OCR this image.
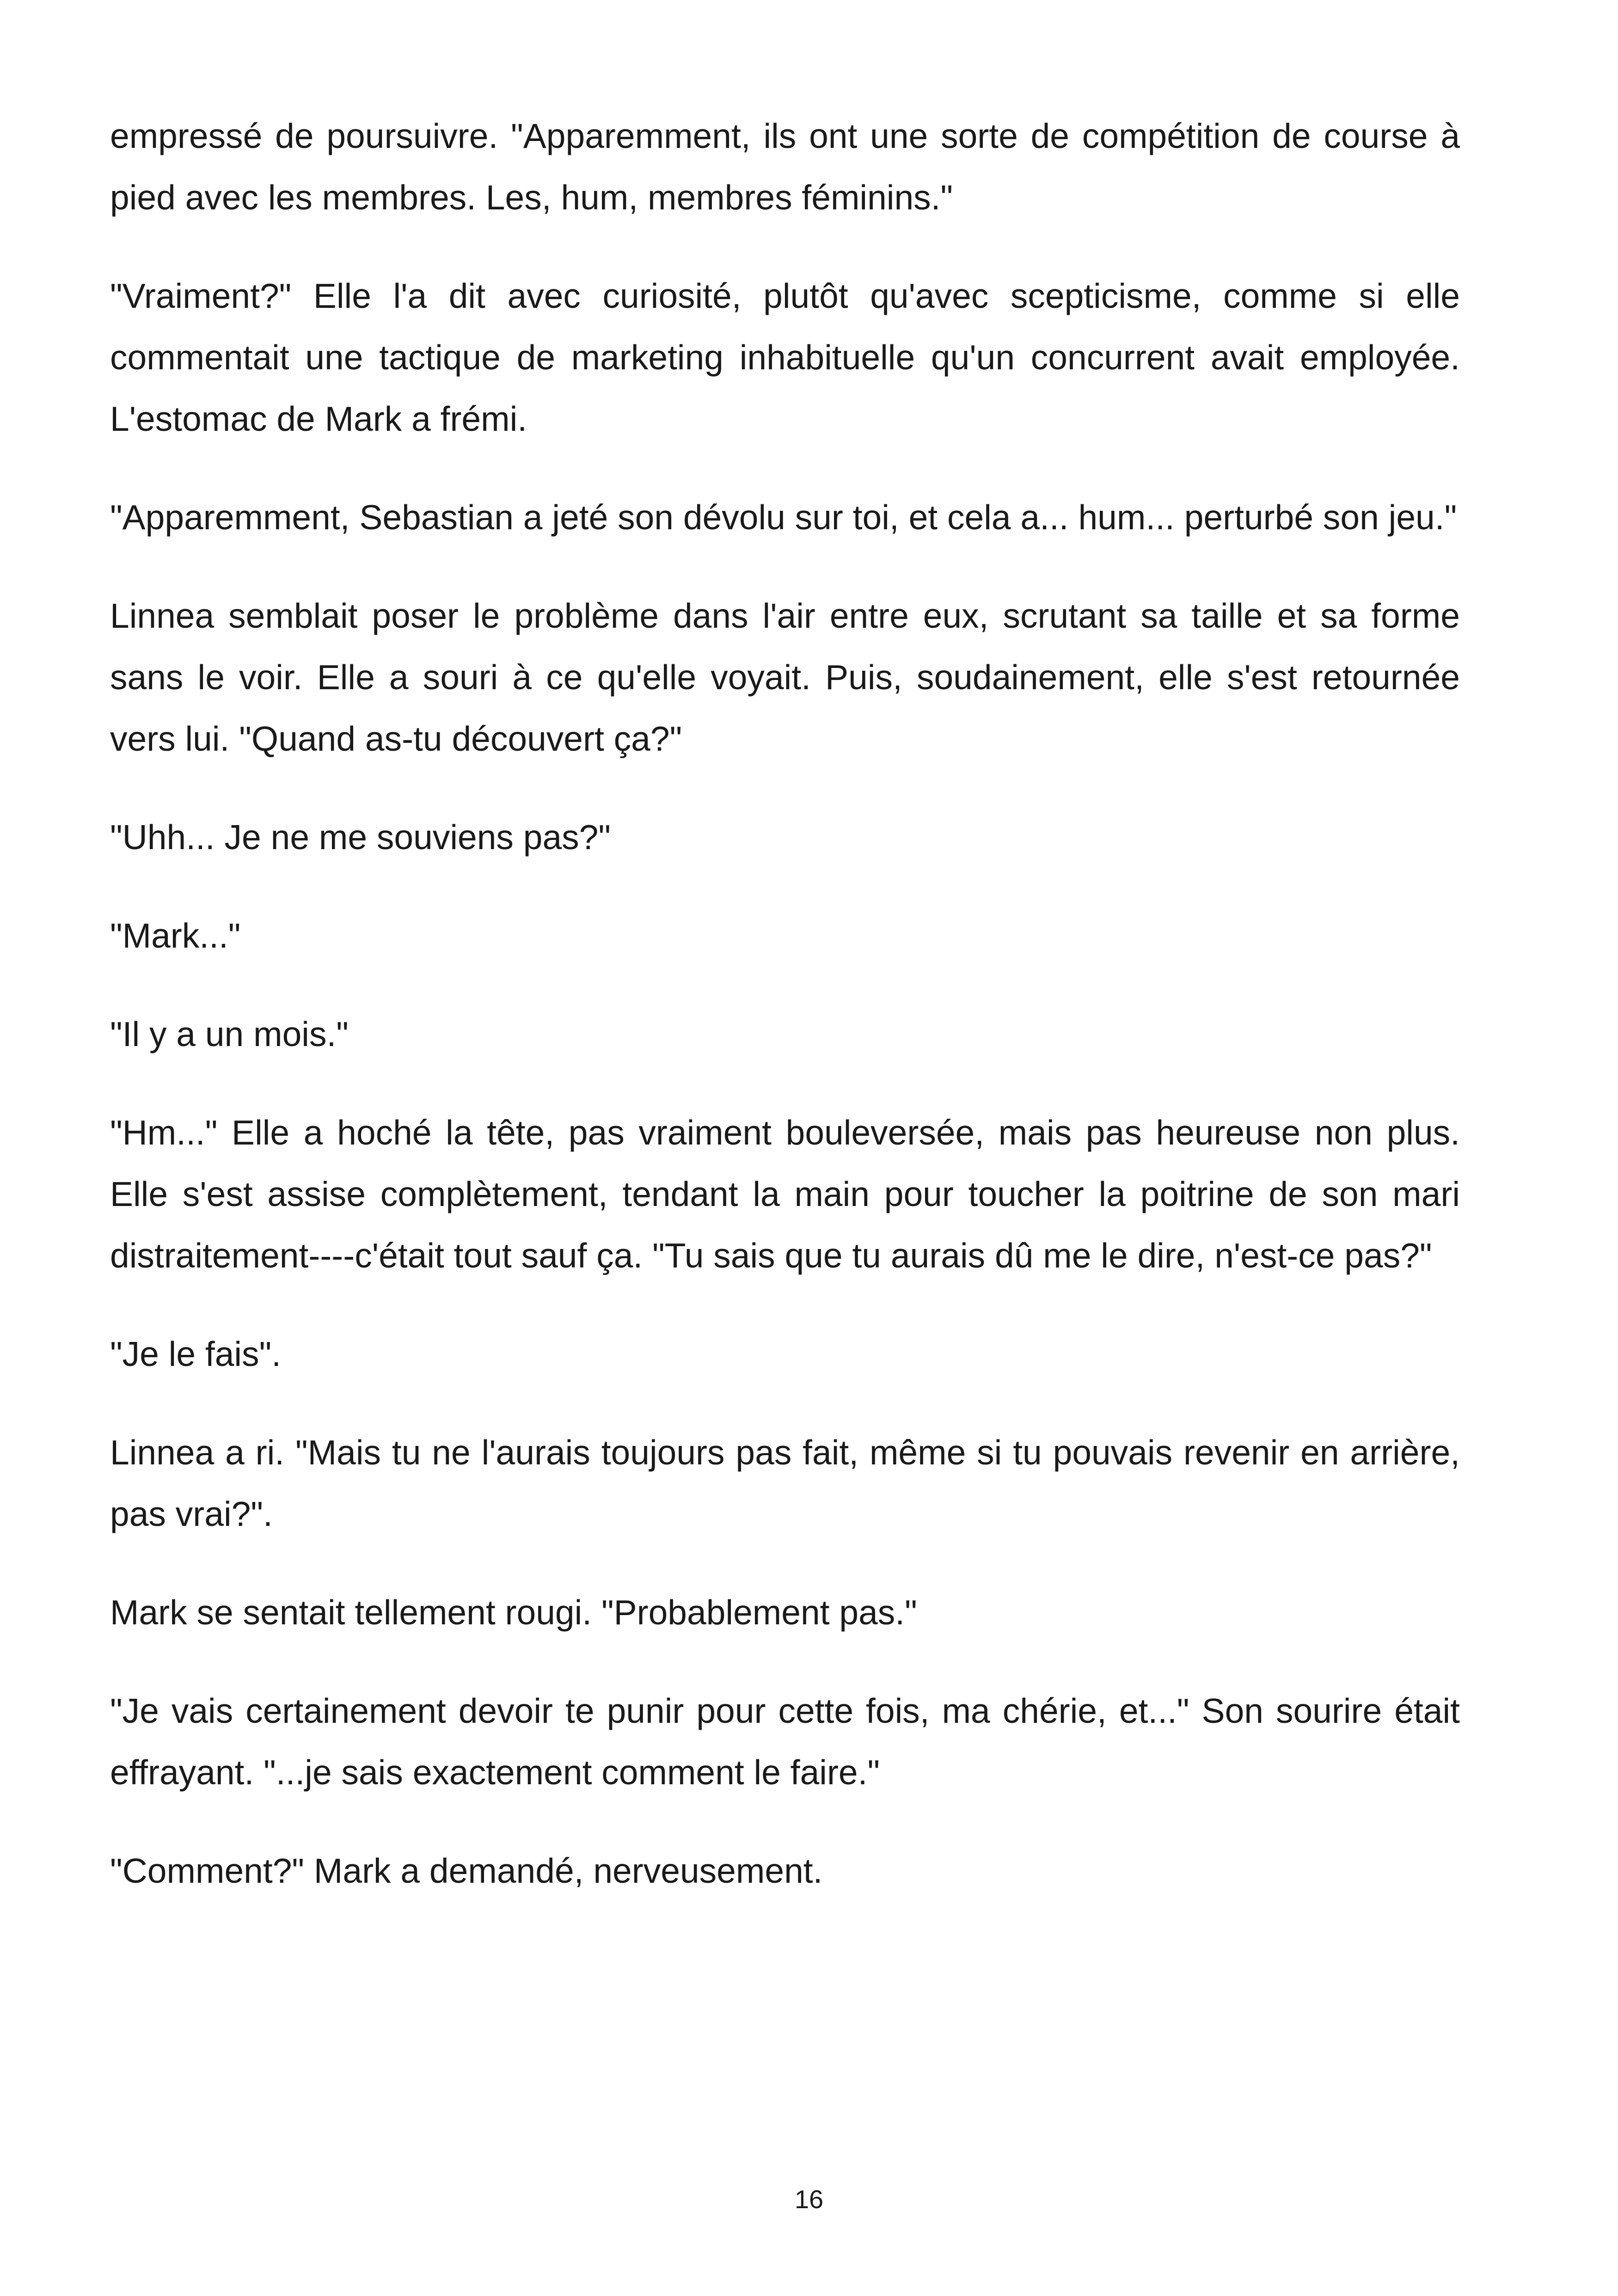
empressé de poursuivre. "Apparemment, ils ont une sorte de compétition de course à pied avec les membres. Les, hum, membres féminins."

"Vraiment?" Elle l'a dit avec curiosité, plutôt qu'avec scepticisme, comme si elle commentait une tactique de marketing inhabituelle qu'un concurrent avait employée. L'estomac de Mark a frémi.

"Apparemment, Sebastian a jeté son dévolu sur toi, et cela a... hum... perturbé son jeu."

Linnea semblait poser le problème dans l'air entre eux, scrutant sa taille et sa forme sans le voir. Elle a souri à ce qu'elle voyait. Puis, soudainement, elle s'est retournée vers lui. "Quand as-tu découvert ça?"

"Uhh... Je ne me souviens pas?"

"Mark..."

"Il y a un mois."

"Hm..." Elle a hoché la tête, pas vraiment bouleversée, mais pas heureuse non plus. Elle s'est assise complètement, tendant la main pour toucher la poitrine de son mari distraitement----c'était tout sauf ça. "Tu sais que tu aurais dû me le dire, n'est-ce pas?"

"Je le fais".

Linnea a ri. "Mais tu ne l'aurais toujours pas fait, même si tu pouvais revenir en arrière, pas vrai?".

Mark se sentait tellement rougi. "Probablement pas."

"Je vais certainement devoir te punir pour cette fois, ma chérie, et..." Son sourire était effrayant. "...je sais exactement comment le faire."

"Comment?" Mark a demandé, nerveusement.

16
